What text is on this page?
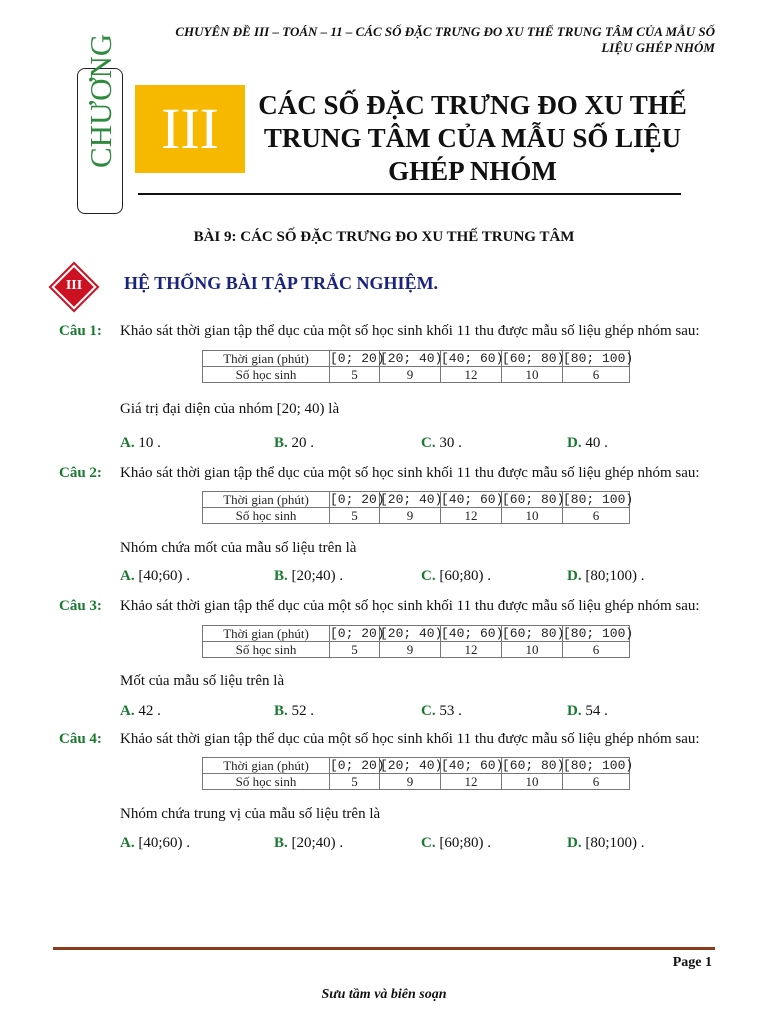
CHUYÊN ĐỀ III – TOÁN – 11 – CÁC SỐ ĐẶC TRƯNG ĐO XU THẾ TRUNG TÂM CỦA MẪU SỐ
LIỆU GHÉP NHÓM
CHƯƠNG III	CÁC SỐ ĐẶC TRƯNG ĐO XU THẾ
TRUNG TÂM CỦA MẪU SỐ LIỆU
GHÉP NHÓM
BÀI 9: CÁC SỐ ĐẶC TRƯNG ĐO XU THẾ TRUNG TÂM
III	HỆ THỐNG BÀI TẬP TRẮC NGHIỆM.
Câu 1: Khảo sát thời gian tập thể dục của một số học sinh khối 11 thu được mẫu số liệu ghép nhóm sau:
Thời gian (phút)	[0; 20)	[20; 40)	[40; 60)	[60; 80)	[80; 100)
Số học sinh	5	9	12	10	6
Giá trị đại diện của nhóm [20; 40) là
A. 10 .	B. 20 .	C. 30 .	D. 40 .
Câu 2: Khảo sát thời gian tập thể dục của một số học sinh khối 11 thu được mẫu số liệu ghép nhóm sau:
Thời gian (phút)	[0; 20)	[20; 40)	[40; 60)	[60; 80)	[80; 100)
Số học sinh	5	9	12	10	6
Nhóm chứa mốt của mẫu số liệu trên là
A. [40;60) .	B. [20;40) .	C. [60;80) .	D. [80;100) .
Câu 3: Khảo sát thời gian tập thể dục của một số học sinh khối 11 thu được mẫu số liệu ghép nhóm sau:
Thời gian (phút)	[0; 20)	[20; 40)	[40; 60)	[60; 80)	[80; 100)
Số học sinh	5	9	12	10	6
Mốt của mẫu số liệu trên là
A. 42 .	B. 52 .	C. 53 .	D. 54 .
Câu 4: Khảo sát thời gian tập thể dục của một số học sinh khối 11 thu được mẫu số liệu ghép nhóm sau:
Thời gian (phút)	[0; 20)	[20; 40)	[40; 60)	[60; 80)	[80; 100)
Số học sinh	5	9	12	10	6
Nhóm chứa trung vị của mẫu số liệu trên là
A. [40;60) .	B. [20;40) .	C. [60;80) .	D. [80;100) .
Page 1
Sưu tầm và biên soạn
